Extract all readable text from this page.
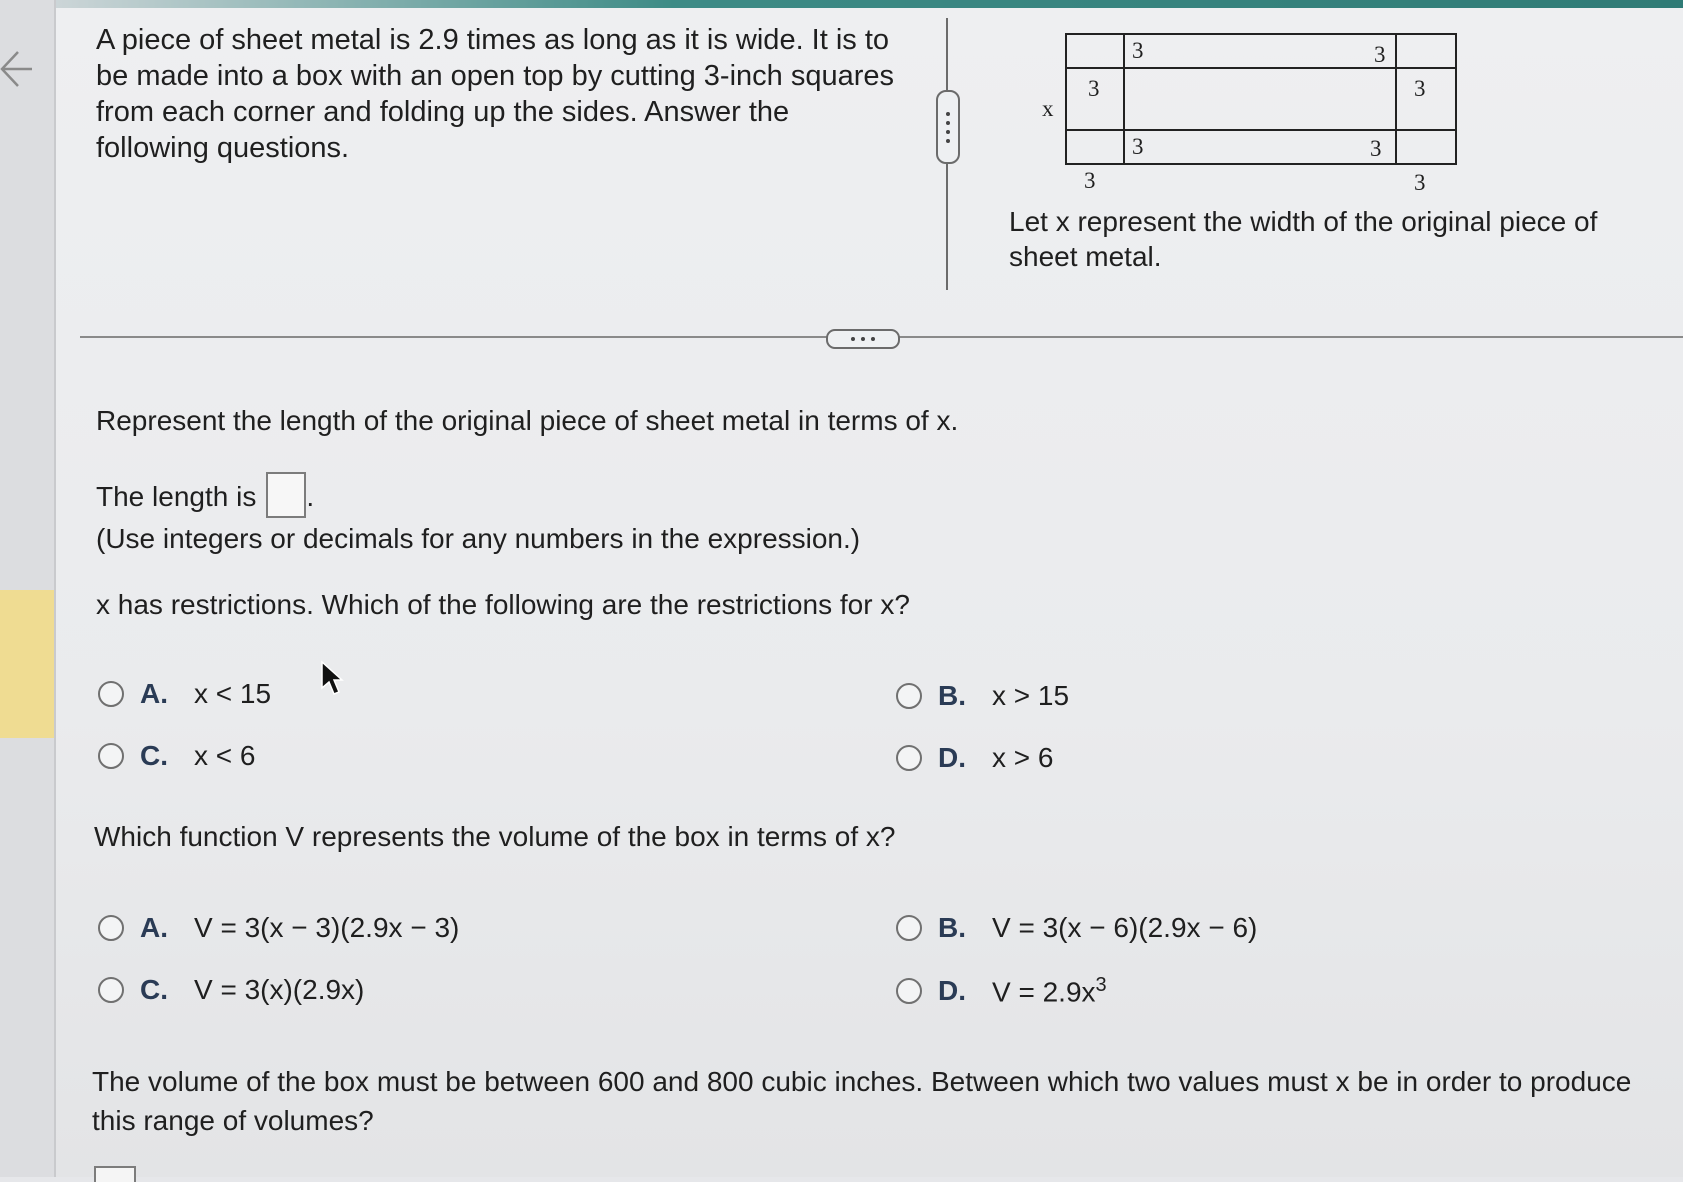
A piece of sheet metal is 2.9 times as long as it is wide. It is to be made into a box with an open top by cutting 3-inch squares from each corner and folding up the sides. Answer the following questions.
3	3
3	3
x
3	3
3	3
Let x represent the width of the original piece of sheet metal.
Represent the length of the original piece of sheet metal in terms of x.
The length is .
(Use integers or decimals for any numbers in the expression.)
x has restrictions. Which of the following are the restrictions for x?
A. x < 15	B. x > 15
C. x < 6	D. x > 6
Which function V represents the volume of the box in terms of x?
A. V = 3(x − 3)(2.9x − 3)	B. V = 3(x − 6)(2.9x − 6)
C. V = 3(x)(2.9x)	D. $V = 2.9x^3$
The volume of the box must be between 600 and 800 cubic inches. Between which two values must x be in order to produce this range of volumes?
